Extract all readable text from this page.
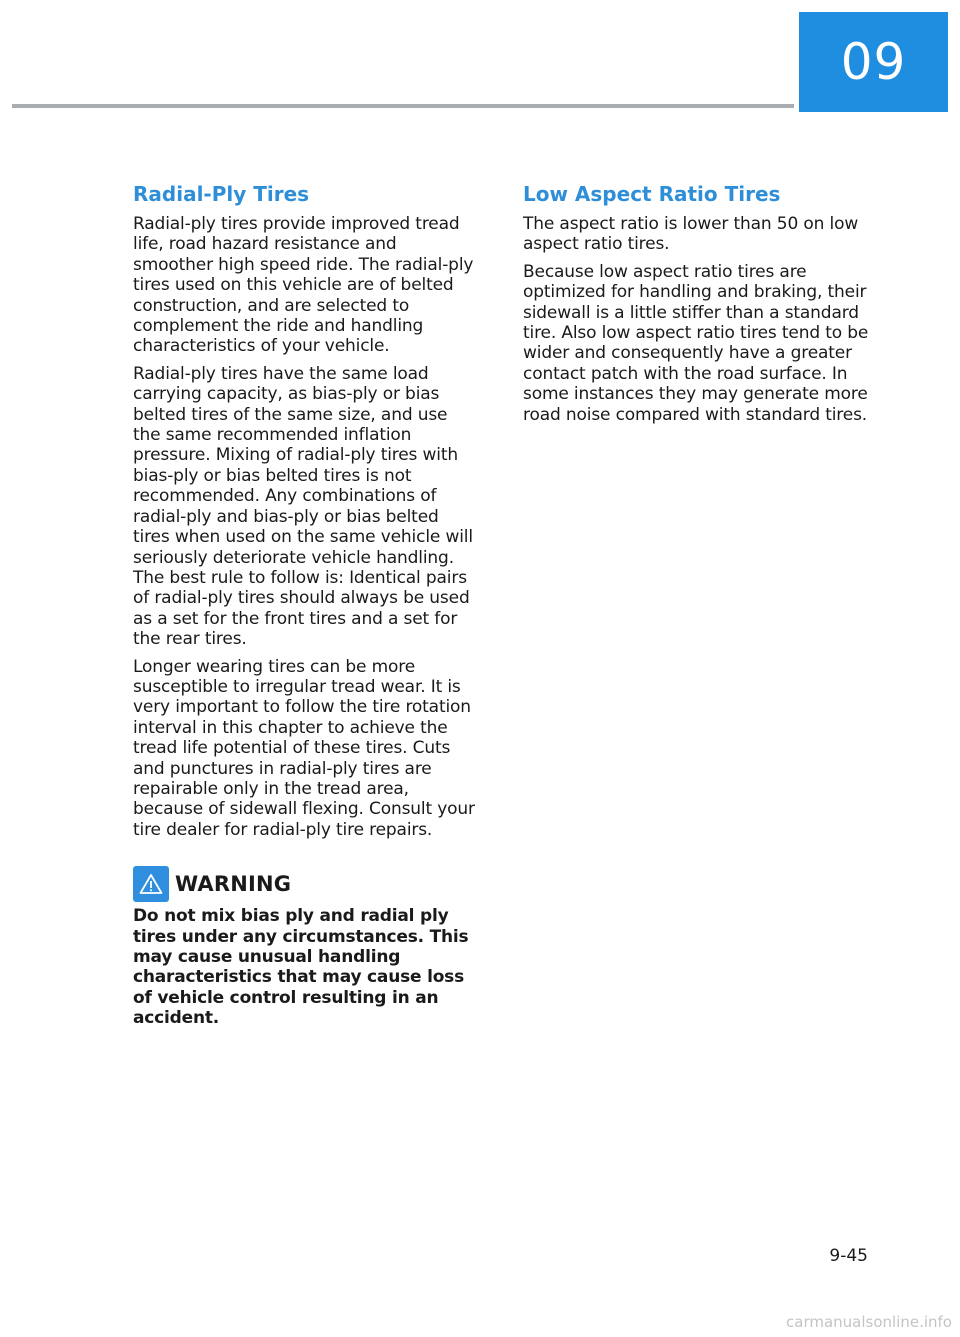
09
Radial-Ply Tires

Radial-ply tires provide improved tread life, road hazard resistance and smoother high speed ride. The radial-ply tires used on this vehicle are of belted construction, and are selected to complement the ride and handling characteristics of your vehicle.

Radial-ply tires have the same load carrying capacity, as bias-ply or bias belted tires of the same size, and use the same recommended inflation pressure. Mixing of radial-ply tires with bias-ply or bias belted tires is not recommended. Any combinations of radial-ply and bias-ply or bias belted tires when used on the same vehicle will seriously deteriorate vehicle handling. The best rule to follow is: Identical pairs of radial-ply tires should always be used as a set for the front tires and a set for the rear tires.

Longer wearing tires can be more susceptible to irregular tread wear. It is very important to follow the tire rotation interval in this chapter to achieve the tread life potential of these tires. Cuts and punctures in radial-ply tires are repairable only in the tread area, because of sidewall flexing. Consult your tire dealer for radial-ply tire repairs.

WARNING

Do not mix bias ply and radial ply tires under any circumstances. This may cause unusual handling characteristics that may cause loss of vehicle control resulting in an accident.

Low Aspect Ratio Tires

The aspect ratio is lower than 50 on low aspect ratio tires.

Because low aspect ratio tires are optimized for handling and braking, their sidewall is a little stiffer than a standard tire. Also low aspect ratio tires tend to be wider and consequently have a greater contact patch with the road surface. In some instances they may generate more road noise compared with standard tires.

9-45
carmanualsonline.info
